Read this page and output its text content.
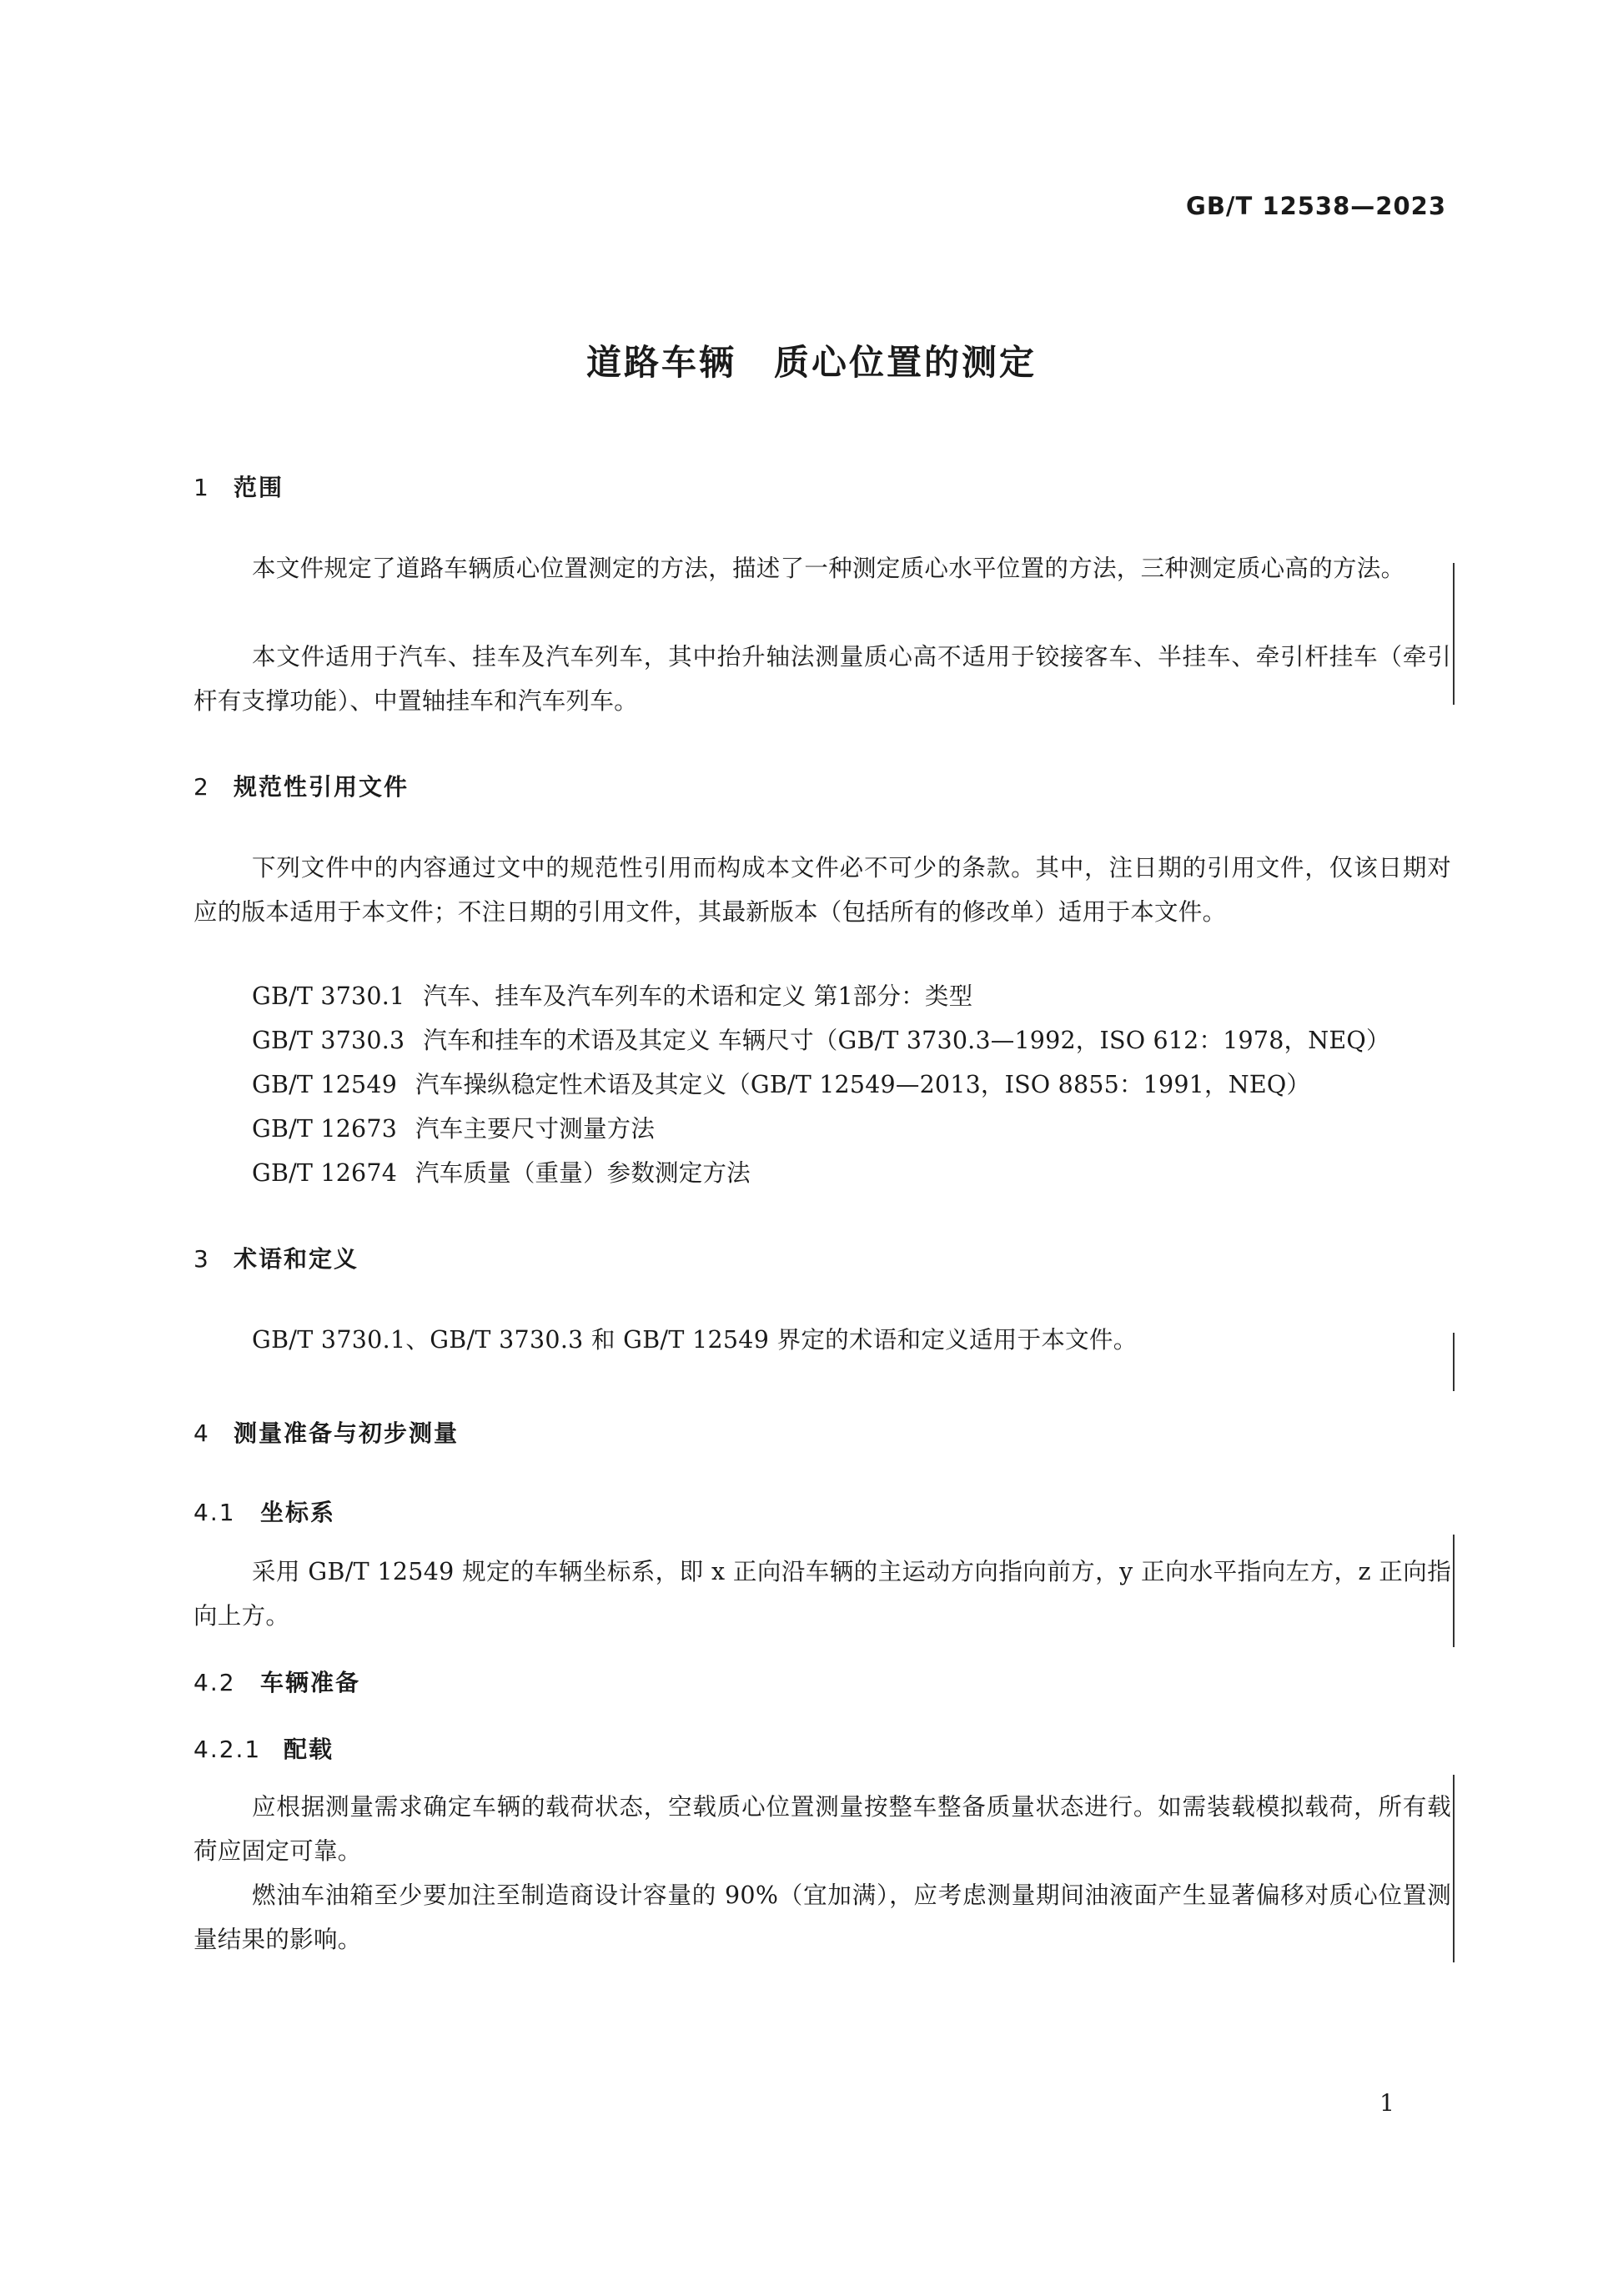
GB/T 12538—2023
道路车辆　质心位置的测定
1 范围
本文件规定了道路车辆质心位置测定的方法，描述了一种测定质心水平位置的方法，三种测定质心高的方法。
本文件适用于汽车、挂车及汽车列车，其中抬升轴法测量质心高不适用于铰接客车、半挂车、牵引杆挂车（牵引杆有支撑功能）、中置轴挂车和汽车列车。
2 规范性引用文件
下列文件中的内容通过文中的规范性引用而构成本文件必不可少的条款。其中，注日期的引用文件，仅该日期对应的版本适用于本文件；不注日期的引用文件，其最新版本（包括所有的修改单）适用于本文件。
GB/T 3730.1 汽车、挂车及汽车列车的术语和定义 第1部分：类型
GB/T 3730.3 汽车和挂车的术语及其定义 车辆尺寸（GB/T 3730.3—1992，ISO 612：1978，NEQ）
GB/T 12549 汽车操纵稳定性术语及其定义（GB/T 12549—2013，ISO 8855：1991，NEQ）
GB/T 12673 汽车主要尺寸测量方法
GB/T 12674 汽车质量（重量）参数测定方法
3 术语和定义
GB/T 3730.1、GB/T 3730.3 和 GB/T 12549 界定的术语和定义适用于本文件。
4 测量准备与初步测量
4.1 坐标系
采用 GB/T 12549 规定的车辆坐标系，即 x 正向沿车辆的主运动方向指向前方，y 正向水平指向左方，z 正向指向上方。
4.2 车辆准备
4.2.1 配载
应根据测量需求确定车辆的载荷状态，空载质心位置测量按整车整备质量状态进行。如需装载模拟载荷，所有载荷应固定可靠。
燃油车油箱至少要加注至制造商设计容量的 90%（宜加满），应考虑测量期间油液面产生显著偏移对质心位置测量结果的影响。
1
